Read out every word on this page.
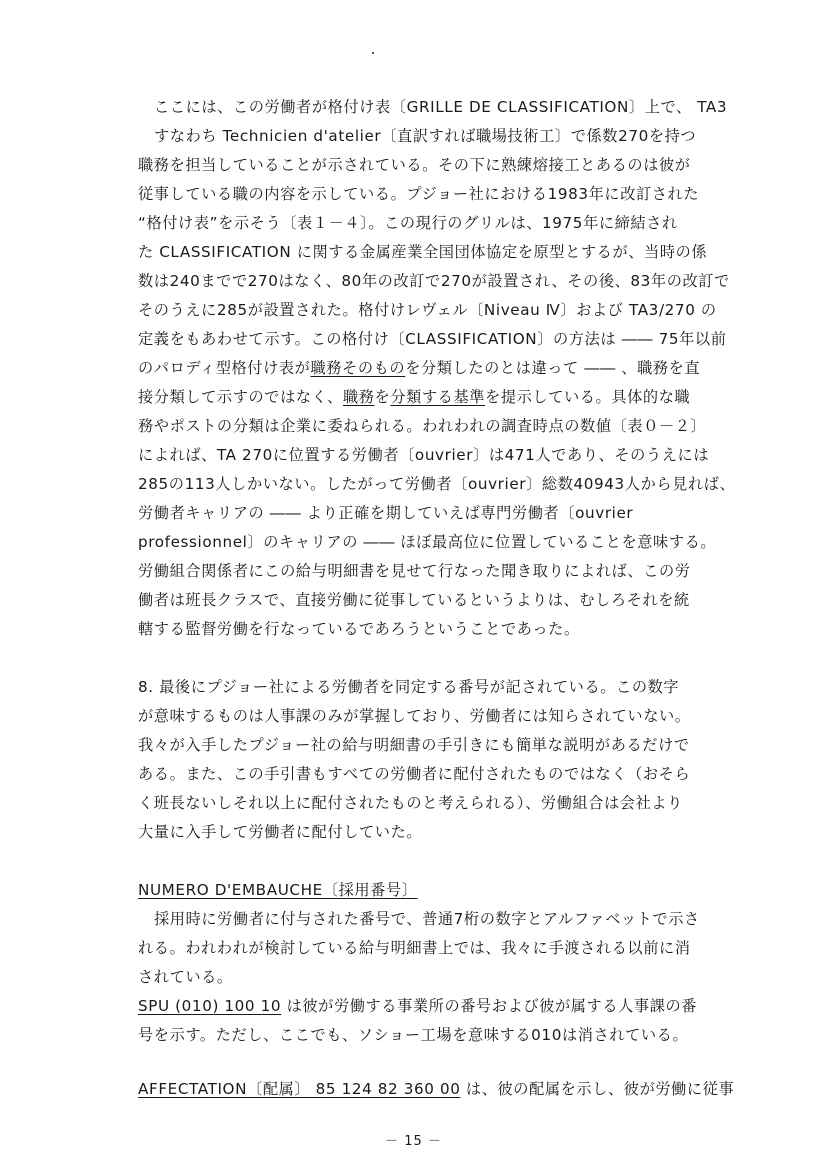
ここには、この労働者が格付け表〔GRILLE DE CLASSIFICATION〕上で、 TA3
すなわち Technicien d'atelier〔直訳すれば職場技術工〕で係数270を持つ
職務を担当していることが示されている。その下に熟練熔接工とあるのは彼が
従事している職の内容を示している。プジョー社における1983年に改訂された
“格付け表”を示そう〔表１－４〕。この現行のグリルは、1975年に締結され
た CLASSIFICATION に関する金属産業全国団体協定を原型とするが、当時の係
数は240までで270はなく、80年の改訂で270が設置され、その後、83年の改訂で
そのうえに285が設置された。格付けレヴェル〔Niveau Ⅳ〕および TA3/270 の
定義をもあわせて示す。この格付け〔CLASSIFICATION〕の方法は ―― 75年以前
のパロディ型格付け表が職務そのものを分類したのとは違って ―― 、職務を直
接分類して示すのではなく、職務を分類する基準を提示している。具体的な職
務やポストの分類は企業に委ねられる。われわれの調査時点の数値〔表０－２〕
によれば、TA 270に位置する労働者〔ouvrier〕は471人であり、そのうえには
285の113人しかいない。したがって労働者〔ouvrier〕総数40943人から見れば、
労働者キャリアの ―― より正確を期していえば専門労働者〔ouvrier
professionnel〕のキャリアの ―― ほぼ最高位に位置していることを意味する。
労働組合関係者にこの給与明細書を見せて行なった聞き取りによれば、この労
働者は班長クラスで、直接労働に従事しているというよりは、むしろそれを統
轄する監督労働を行なっているであろうということであった。
8. 最後にプジョー社による労働者を同定する番号が記されている。この数字
が意味するものは人事課のみが掌握しており、労働者には知らされていない。
我々が入手したプジョー社の給与明細書の手引きにも簡単な説明があるだけで
ある。また、この手引書もすべての労働者に配付されたものではなく（おそら
く班長ないしそれ以上に配付されたものと考えられる）、労働組合は会社より
大量に入手して労働者に配付していた。
NUMERO D'EMBAUCHE〔採用番号〕
採用時に労働者に付与された番号で、普通7桁の数字とアルファベットで示さ
れる。われわれが検討している給与明細書上では、我々に手渡される以前に消
されている。
SPU (010) 100 10 は彼が労働する事業所の番号および彼が属する人事課の番
号を示す。ただし、ここでも、ソショー工場を意味する010は消されている。
AFFECTATION〔配属〕 85 124 82 360 00 は、彼の配属を示し、彼が労働に従事
－ 15 －
